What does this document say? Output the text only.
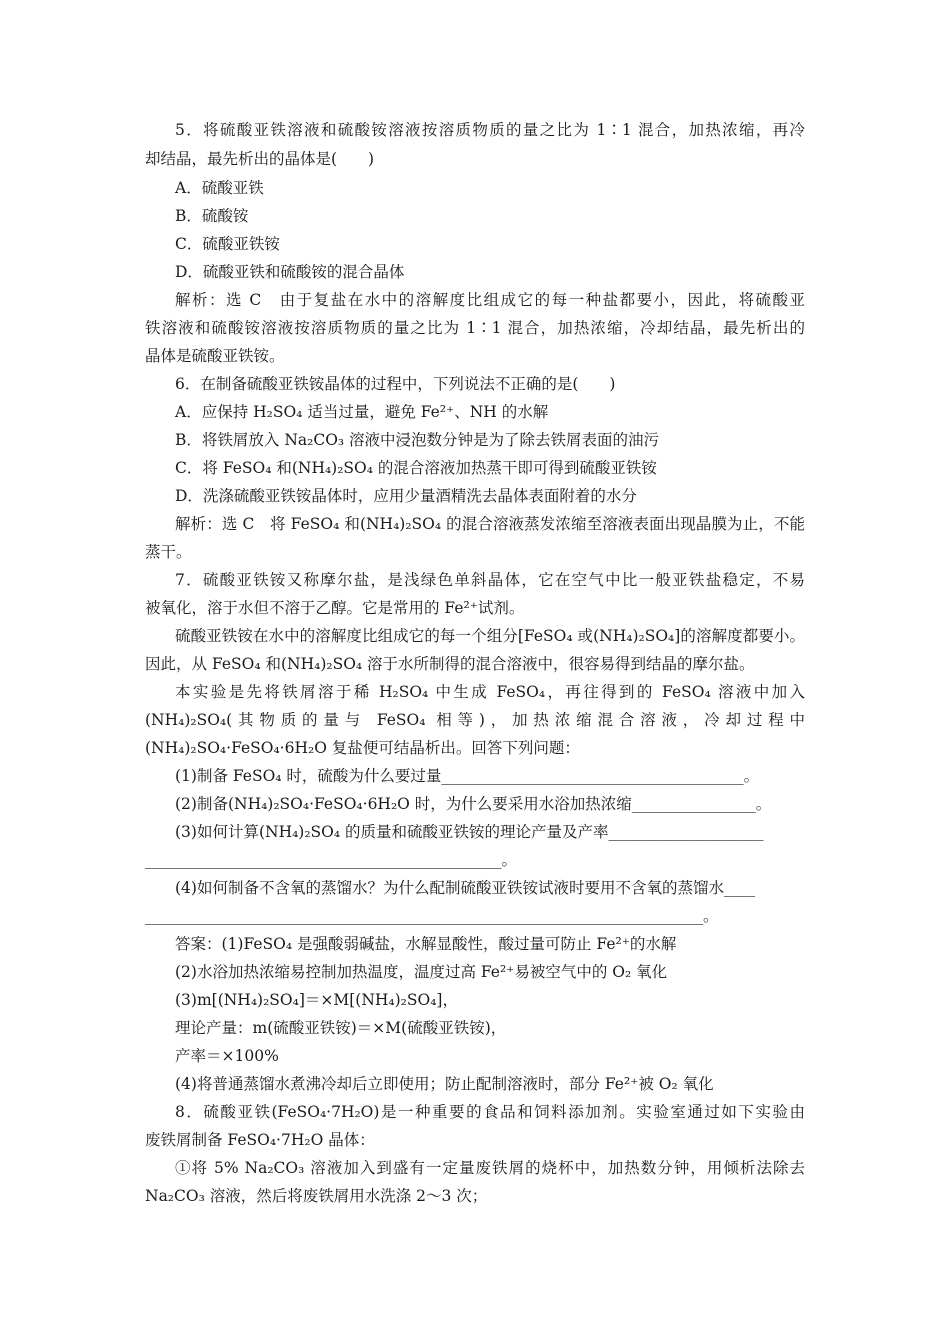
5．将硫酸亚铁溶液和硫酸铵溶液按溶质物质的量之比为 1∶1 混合，加热浓缩，再冷
却结晶，最先析出的晶体是(　　)
A．硫酸亚铁
B．硫酸铵
C．硫酸亚铁铵
D．硫酸亚铁和硫酸铵的混合晶体
解析：选 C　由于复盐在水中的溶解度比组成它的每一种盐都要小，因此，将硫酸亚
铁溶液和硫酸铵溶液按溶质物质的量之比为 1∶1 混合，加热浓缩，冷却结晶，最先析出的
晶体是硫酸亚铁铵。
6．在制备硫酸亚铁铵晶体的过程中，下列说法不正确的是(　　)
A．应保持 H₂SO₄ 适当过量，避免 Fe²⁺、NH 的水解
B．将铁屑放入 Na₂CO₃ 溶液中浸泡数分钟是为了除去铁屑表面的油污
C．将 FeSO₄ 和(NH₄)₂SO₄ 的混合溶液加热蒸干即可得到硫酸亚铁铵
D．洗涤硫酸亚铁铵晶体时，应用少量酒精洗去晶体表面附着的水分
解析：选 C　将 FeSO₄ 和(NH₄)₂SO₄ 的混合溶液蒸发浓缩至溶液表面出现晶膜为止，不能
蒸干。
7．硫酸亚铁铵又称摩尔盐，是浅绿色单斜晶体，它在空气中比一般亚铁盐稳定，不易
被氧化，溶于水但不溶于乙醇。它是常用的 Fe²⁺试剂。
硫酸亚铁铵在水中的溶解度比组成它的每一个组分[FeSO₄ 或(NH₄)₂SO₄]的溶解度都要小。
因此，从 FeSO₄ 和(NH₄)₂SO₄ 溶于水所制得的混合溶液中，很容易得到结晶的摩尔盐。
本实验是先将铁屑溶于稀 H₂SO₄ 中生成 FeSO₄，再往得到的 FeSO₄ 溶液中加入
(NH₄)₂SO₄(其物质的量与 FeSO₄ 相等)，加热浓缩混合溶液，冷却过程中
(NH₄)₂SO₄·FeSO₄·6H₂O 复盐便可结晶析出。回答下列问题：
(1)制备 FeSO₄ 时，硫酸为什么要过量_______________________________________。
(2)制备(NH₄)₂SO₄·FeSO₄·6H₂O 时，为什么要采用水浴加热浓缩________________。
(3)如何计算(NH₄)₂SO₄ 的质量和硫酸亚铁铵的理论产量及产率____________________
______________________________________________。
(4)如何制备不含氧的蒸馏水？为什么配制硫酸亚铁铵试液时要用不含氧的蒸馏水____
________________________________________________________________________。
答案：(1)FeSO₄ 是强酸弱碱盐，水解显酸性，酸过量可防止 Fe²⁺的水解
(2)水浴加热浓缩易控制加热温度，温度过高 Fe²⁺易被空气中的 O₂ 氧化
(3)m[(NH₄)₂SO₄]＝×M[(NH₄)₂SO₄]，
理论产量：m(硫酸亚铁铵)＝×M(硫酸亚铁铵)，
产率＝×100%
(4)将普通蒸馏水煮沸冷却后立即使用；防止配制溶液时，部分 Fe²⁺被 O₂ 氧化
8．硫酸亚铁(FeSO₄·7H₂O)是一种重要的食品和饲料添加剂。实验室通过如下实验由
废铁屑制备 FeSO₄·7H₂O 晶体：
①将 5% Na₂CO₃ 溶液加入到盛有一定量废铁屑的烧杯中，加热数分钟，用倾析法除去
Na₂CO₃ 溶液，然后将废铁屑用水洗涤 2～3 次；
